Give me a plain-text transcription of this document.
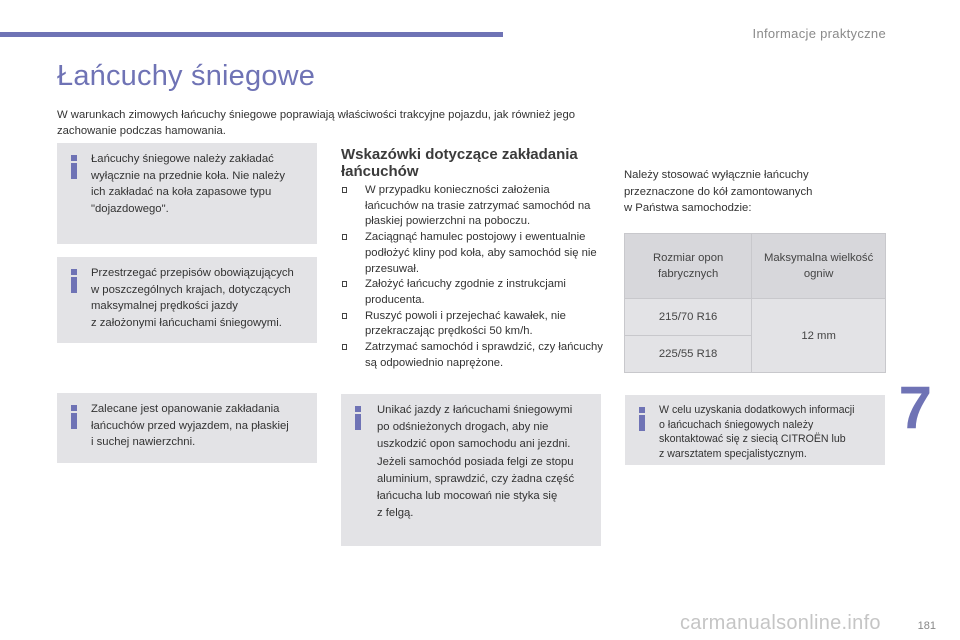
Informacje praktyczne
Łańcuchy śniegowe

W warunkach zimowych łańcuchy śniegowe poprawiają właściwości trakcyjne pojazdu, jak również jego zachowanie podczas hamowania.

Łańcuchy śniegowe należy zakładać
wyłącznie na przednie koła. Nie należy
ich zakładać na koła zapasowe typu
"dojazdowego".

Przestrzegać przepisów obowiązujących
w poszczególnych krajach, dotyczących
maksymalnej prędkości jazdy
z założonymi łańcuchami śniegowymi.

Zalecane jest opanowanie zakładania
łańcuchów przed wyjazdem, na płaskiej
i suchej nawierzchni.

Wskazówki dotyczące zakładania łańcuchów
W przypadku konieczności założenia łańcuchów na trasie zatrzymać samochód na płaskiej powierzchni na poboczu.
Zaciągnąć hamulec postojowy i ewentualnie podłożyć kliny pod koła, aby samochód się nie przesuwał.
Założyć łańcuchy zgodnie z instrukcjami producenta.
Ruszyć powoli i przejechać kawałek, nie przekraczając prędkości 50 km/h.
Zatrzymać samochód i sprawdzić, czy łańcuchy są odpowiednio naprężone.

Unikać jazdy z łańcuchami śniegowymi
po odśnieżonych drogach, aby nie
uszkodzić opon samochodu ani jezdni.
Jeżeli samochód posiada felgi ze stopu
aluminium, sprawdzić, czy żadna część
łańcucha lub mocowań nie styka się
z felgą.

Należy stosować wyłącznie łańcuchy
przeznaczone do kół zamontowanych
w Państwa samochodzie:

Rozmiar opon fabrycznych	Maksymalna wielkość ogniw
215/70 R16	12 mm
225/55 R18	

W celu uzyskania dodatkowych informacji
o łańcuchach śniegowych należy
skontaktować się z siecią CITROËN lub
z warsztatem specjalistycznym.

7
carmanualsonline.info	181
